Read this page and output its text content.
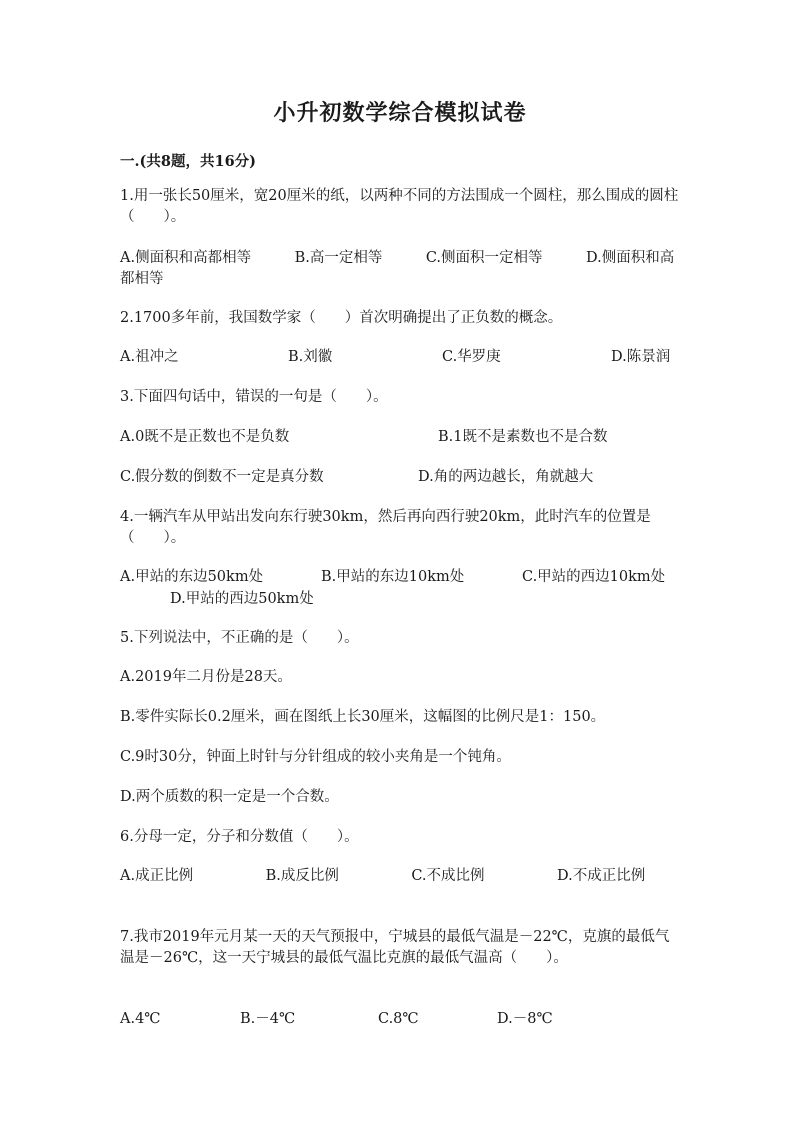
小升初数学综合模拟试卷
一.(共8题，共16分)
1.用一张长50厘米，宽20厘米的纸，以两种不同的方法围成一个圆柱，那么围成的圆柱（　　）。
A.侧面积和高都相等　　　B.高一定相等　　　C.侧面积一定相等　　　D.侧面积和高都相等
2.1700多年前，我国数学家（　　）首次明确提出了正负数的概念。
A.祖冲之	B.刘徽	C.华罗庚	D.陈景润
3.下面四句话中，错误的一句是（　　）。
A.0既不是正数也不是负数	B.1既不是素数也不是合数
C.假分数的倒数不一定是真分数	D.角的两边越长，角就越大
4.一辆汽车从甲站出发向东行驶30km，然后再向西行驶20km，此时汽车的位置是（　　）。
A.甲站的东边50km处	B.甲站的东边10km处	C.甲站的西边10km处
D.甲站的西边50km处
5.下列说法中，不正确的是（　　）。
A.2019年二月份是28天。
B.零件实际长0.2厘米，画在图纸上长30厘米，这幅图的比例尺是1：150。
C.9时30分，钟面上时针与分针组成的较小夹角是一个钝角。
D.两个质数的积一定是一个合数。
6.分母一定，分子和分数值（　　）。
A.成正比例　　　　　B.成反比例　　　　　C.不成比例　　　　　D.不成正比例
7.我市2019年元月某一天的天气预报中，宁城县的最低气温是－22℃，克旗的最低气温是－26℃，这一天宁城县的最低气温比克旗的最低气温高（　　）。
A.4℃	B.－4℃	C.8℃	D.－8℃
